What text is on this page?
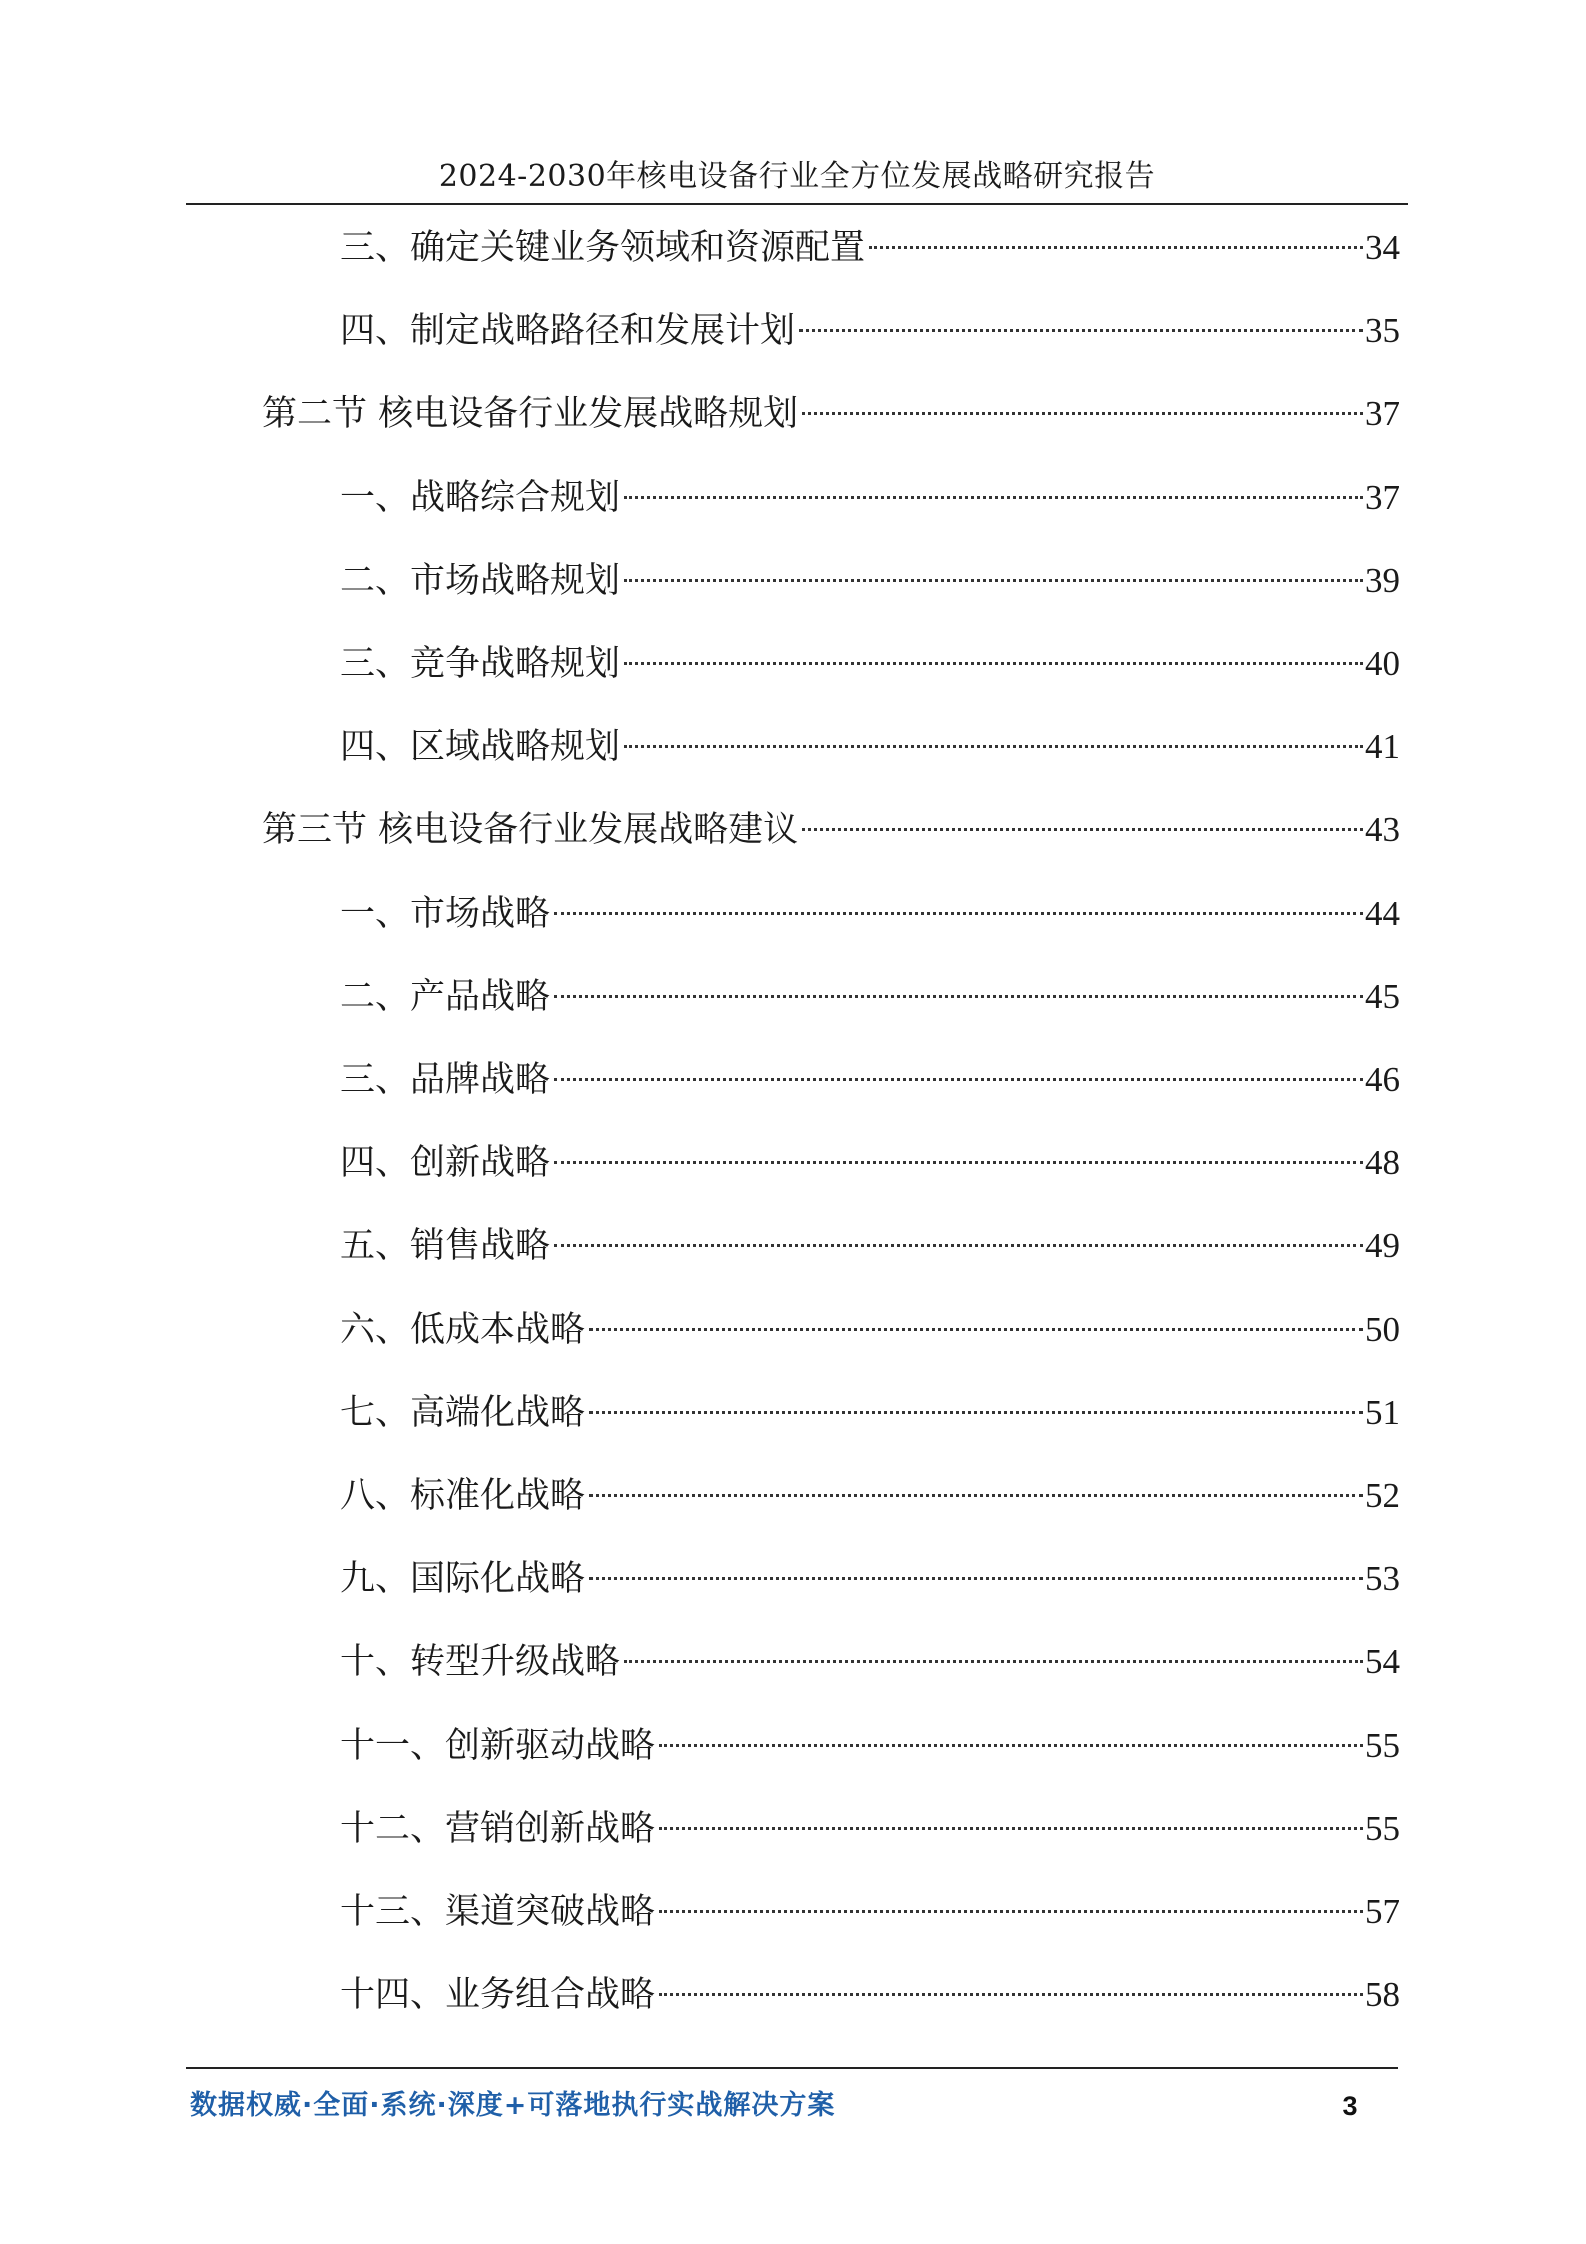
2024-2030年核电设备行业全方位发展战略研究报告
三、确定关键业务领域和资源配置	34
四、制定战略路径和发展计划	35
第二节 核电设备行业发展战略规划	37
一、战略综合规划	37
二、市场战略规划	39
三、竞争战略规划	40
四、区域战略规划	41
第三节 核电设备行业发展战略建议	43
一、市场战略	44
二、产品战略	45
三、品牌战略	46
四、创新战略	48
五、销售战略	49
六、低成本战略	50
七、高端化战略	51
八、标准化战略	52
九、国际化战略	53
十、转型升级战略	54
十一、创新驱动战略	55
十二、营销创新战略	55
十三、渠道突破战略	57
十四、业务组合战略	58
数据权威·全面·系统·深度+可落地执行实战解决方案	3
